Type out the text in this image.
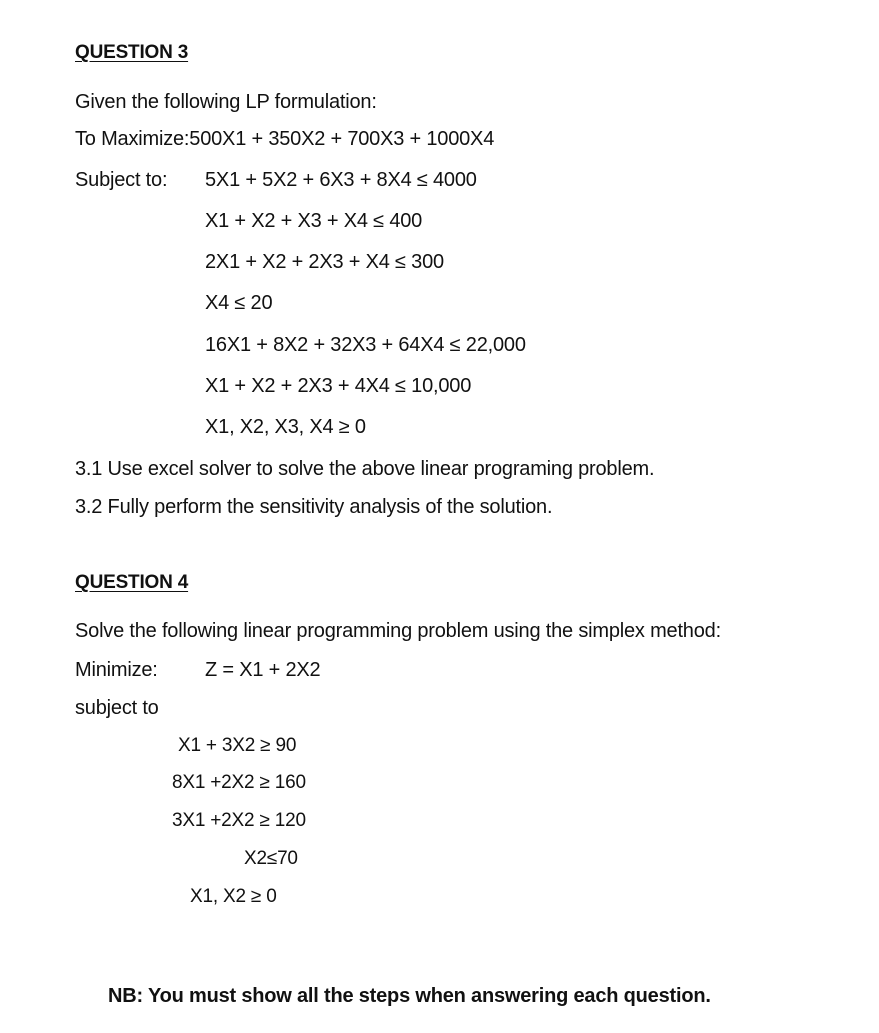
QUESTION 3
Given the following LP formulation:
To Maximize:500X1 + 350X2 + 700X3 + 1000X4
Subject to: 5X1 + 5X2 + 6X3 + 8X4 ≤ 4000
X1 + X2 + X3 + X4 ≤ 400
2X1 + X2 + 2X3 + X4 ≤ 300
X4 ≤ 20
16X1 + 8X2 + 32X3 + 64X4 ≤ 22,000
X1 + X2 + 2X3 + 4X4 ≤ 10,000
X1, X2, X3, X4 ≥ 0
3.1 Use excel solver to solve the above linear programing problem.
3.2 Fully perform the sensitivity analysis of the solution.
QUESTION 4
Solve the following linear programming problem using the simplex method:
Minimize: Z = X1 + 2X2
subject to
X1 + 3X2 ≥ 90
8X1 +2X2 ≥ 160
3X1 +2X2 ≥ 120
X2≤70
X1, X2 ≥ 0
NB: You must show all the steps when answering each question.
